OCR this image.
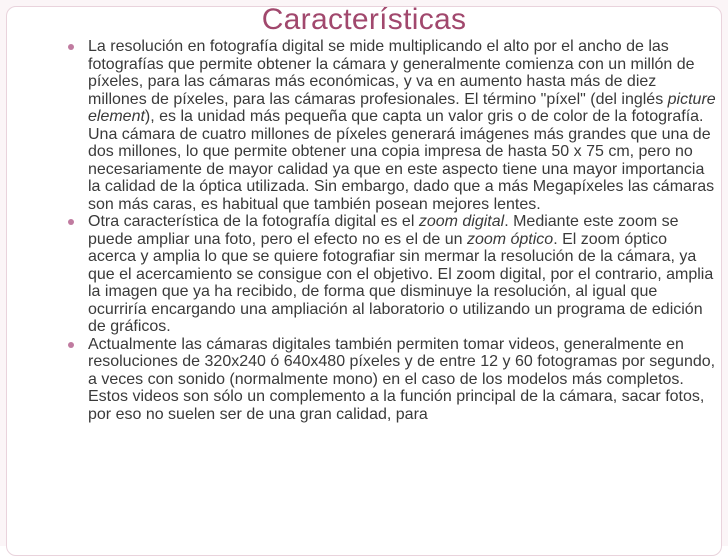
Características
La resolución en fotografía digital se mide multiplicando el alto por el ancho de las fotografías que permite obtener la cámara y generalmente comienza con un millón de píxeles, para las cámaras más económicas, y va en aumento hasta más de diez millones de píxeles, para las cámaras profesionales. El término "píxel" (del inglés picture element), es la unidad más pequeña que capta un valor gris o de color de la fotografía. Una cámara de cuatro millones de píxeles generará imágenes más grandes que una de dos millones, lo que permite obtener una copia impresa de hasta 50 x 75 cm, pero no necesariamente de mayor calidad ya que en este aspecto tiene una mayor importancia la calidad de la óptica utilizada. Sin embargo, dado que a más Megapíxeles las cámaras son más caras, es habitual que también posean mejores lentes.
Otra característica de la fotografía digital es el zoom digital. Mediante este zoom se puede ampliar una foto, pero el efecto no es el de un zoom óptico. El zoom óptico acerca y amplia lo que se quiere fotografiar sin mermar la resolución de la cámara, ya que el acercamiento se consigue con el objetivo. El zoom digital, por el contrario, amplia la imagen que ya ha recibido, de forma que disminuye la resolución, al igual que ocurriría encargando una ampliación al laboratorio o utilizando un programa de edición de gráficos.
Actualmente las cámaras digitales también permiten tomar videos, generalmente en resoluciones de 320x240 ó 640x480 píxeles y de entre 12 y 60 fotogramas por segundo, a veces con sonido (normalmente mono) en el caso de los modelos más completos. Estos videos son sólo un complemento a la función principal de la cámara, sacar fotos, por eso no suelen ser de una gran calidad, para
